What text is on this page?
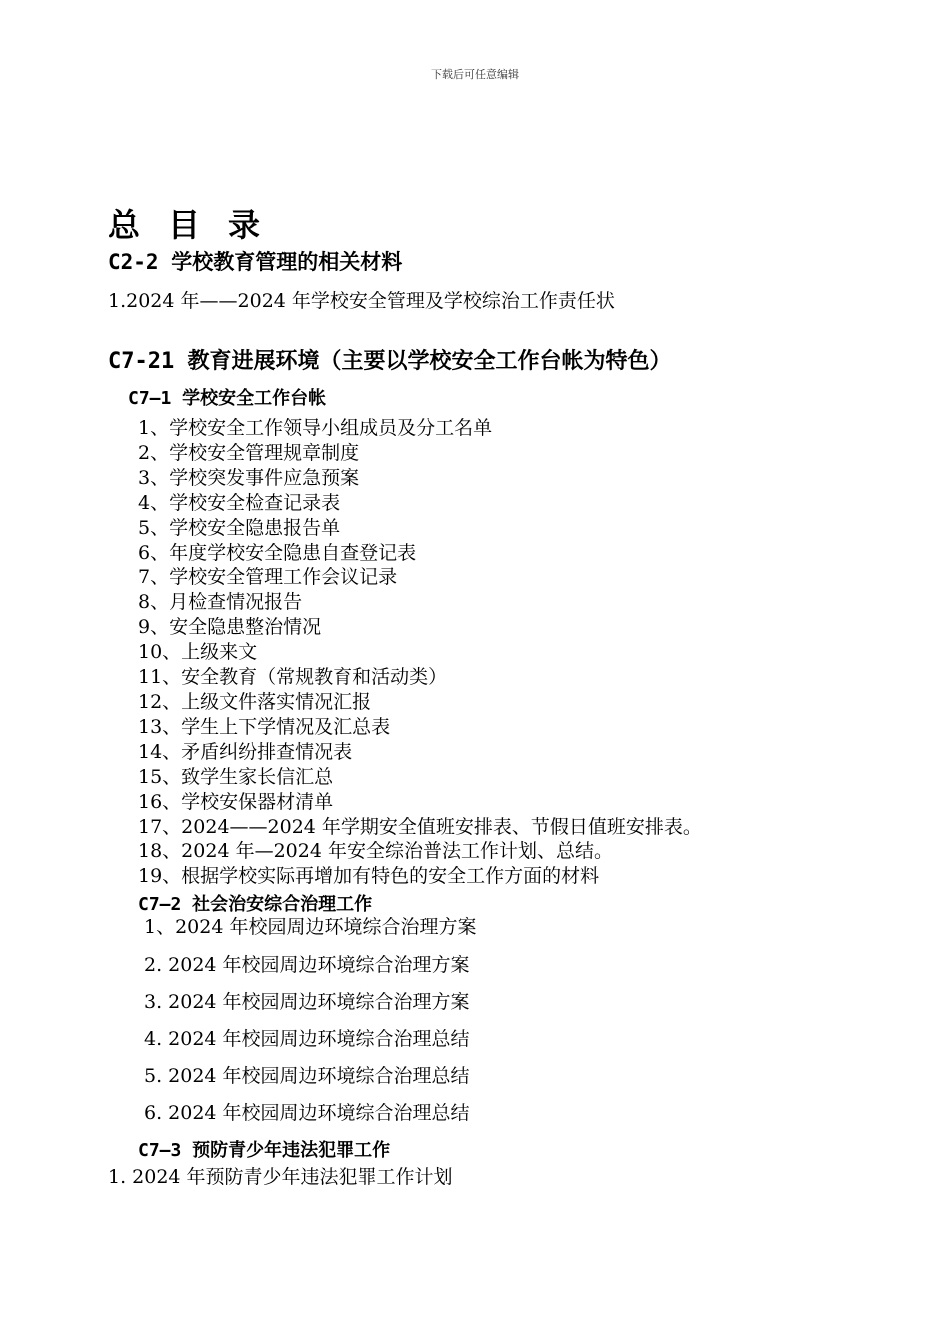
下载后可任意编辑
总目录
C2-2 学校教育管理的相关材料
1.2024 年——2024 年学校安全管理及学校综治工作责任状
C7-21 教育进展环境（主要以学校安全工作台帐为特色）
C7—1 学校安全工作台帐
1、学校安全工作领导小组成员及分工名单
2、学校安全管理规章制度
3、学校突发事件应急预案
4、学校安全检查记录表
5、学校安全隐患报告单
6、年度学校安全隐患自查登记表
7、学校安全管理工作会议记录
8、月检查情况报告
9、安全隐患整治情况
10、上级来文
11、安全教育（常规教育和活动类）
12、上级文件落实情况汇报
13、学生上下学情况及汇总表
14、矛盾纠纷排查情况表
15、致学生家长信汇总
16、学校安保器材清单
17、2024——2024 年学期安全值班安排表、节假日值班安排表。
18、2024 年—2024 年安全综治普法工作计划、总结。
19、根据学校实际再增加有特色的安全工作方面的材料
C7—2 社会治安综合治理工作
1、2024 年校园周边环境综合治理方案
2. 2024 年校园周边环境综合治理方案
3. 2024 年校园周边环境综合治理方案
4. 2024 年校园周边环境综合治理总结
5. 2024 年校园周边环境综合治理总结
6. 2024 年校园周边环境综合治理总结
C7—3 预防青少年违法犯罪工作
1. 2024 年预防青少年违法犯罪工作计划
